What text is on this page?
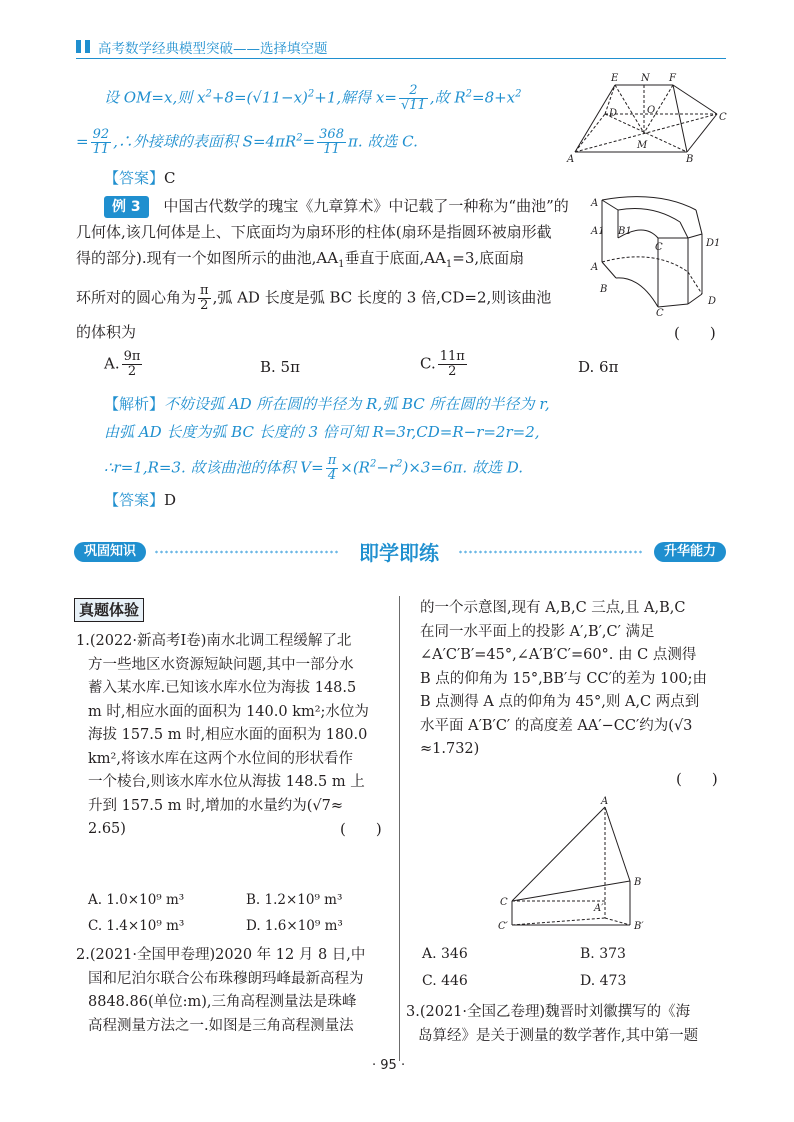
高考数学经典模型突破——选择填空题
设 OM=x,则 $x^2+8=(√11-x)^2+1$,解得 $x= \frac{2}{√11}$ ,故 $R^2=8+x^2$
= $\frac{92}{11}$ ,∴外接球的表面积 $S=4\pi R^2= \frac{368}{11} \pi$. 故选 C.
【答案】C
E N F
O
D	C
A
M
B
例 3 中国古代数学的瑰宝《九章算术》中记载了一种称为“曲池”的
几何体,该几何体是上、下底面均为扇环形的柱体(扇环是指圆环被扇形截
得的部分).现有一个如图所示的曲池$,AA_1$垂直于底面$,AA_1=3$,底面扇
环所对的圆心角为 $\frac{\pi}{2}$ ,弧 AD 长度是弧 BC 长度的 3 倍,CD=2,则该曲池
的体积为	(　　)
A
A1 B1
C	D1
A
B
D
C
A. $\frac{9\pi}{2}$	B. 5π	C. $\frac{11\pi}{2}$	D. 6π
【解析】不妨设弧 AD 所在圆的半径为 R,弧 BC 所在圆的半径为 r,
由弧 AD 长度为弧 BC 长度的 3 倍可知 R=3r,CD=R−r=2r=2,
∴r=1,R=3. 故该曲池的体积 $V= \frac{\pi}{4} \times(R^2-r^2)\times 3=6\pi$. 故选 D.
【答案】D
巩固知识	即学即练	升华能力
真题体验
1.(2022·新高考Ⅰ卷)南水北调工程缓解了北
方一些地区水资源短缺问题,其中一部分水
蓄入某水库.已知该水库水位为海拔 148.5
m 时,相应水面的面积为 140.0 km²;水位为
海拔 157.5 m 时,相应水面的面积为 180.0
km²,将该水库在这两个水位间的形状看作
一个棱台,则该水库水位从海拔 148.5 m 上
升到 157.5 m 时,增加的水量约为(√7≈
2.65)	(　　)
A. 1.0×10⁹ m³	B. 1.2×10⁹ m³
C. 1.4×10⁹ m³	D. 1.6×10⁹ m³
2.(2021·全国甲卷理)2020 年 12 月 8 日,中
国和尼泊尔联合公布珠穆朗玛峰最新高程为
8848.86(单位:m),三角高程测量法是珠峰
高程测量方法之一.如图是三角高程测量法
的一个示意图,现有 A,B,C 三点,且 A,B,C
在同一水平面上的投影 A′,B′,C′ 满足
∠A′C′B′=45°,∠A′B′C′=60°. 由 C 点测得
B 点的仰角为 15°,BB′与 CC′的差为 100;由
B 点测得 A 点的仰角为 45°,则 A,C 两点到
水平面 A′B′C′ 的高度差 AA′−CC′约为(√3
≈1.732)
(　　)
A
B
C
A′
C′	B′
A. 346	B. 373
C. 446	D. 473
3.(2021·全国乙卷理)魏晋时刘徽撰写的《海
岛算经》是关于测量的数学著作,其中第一题
· 95 ·
